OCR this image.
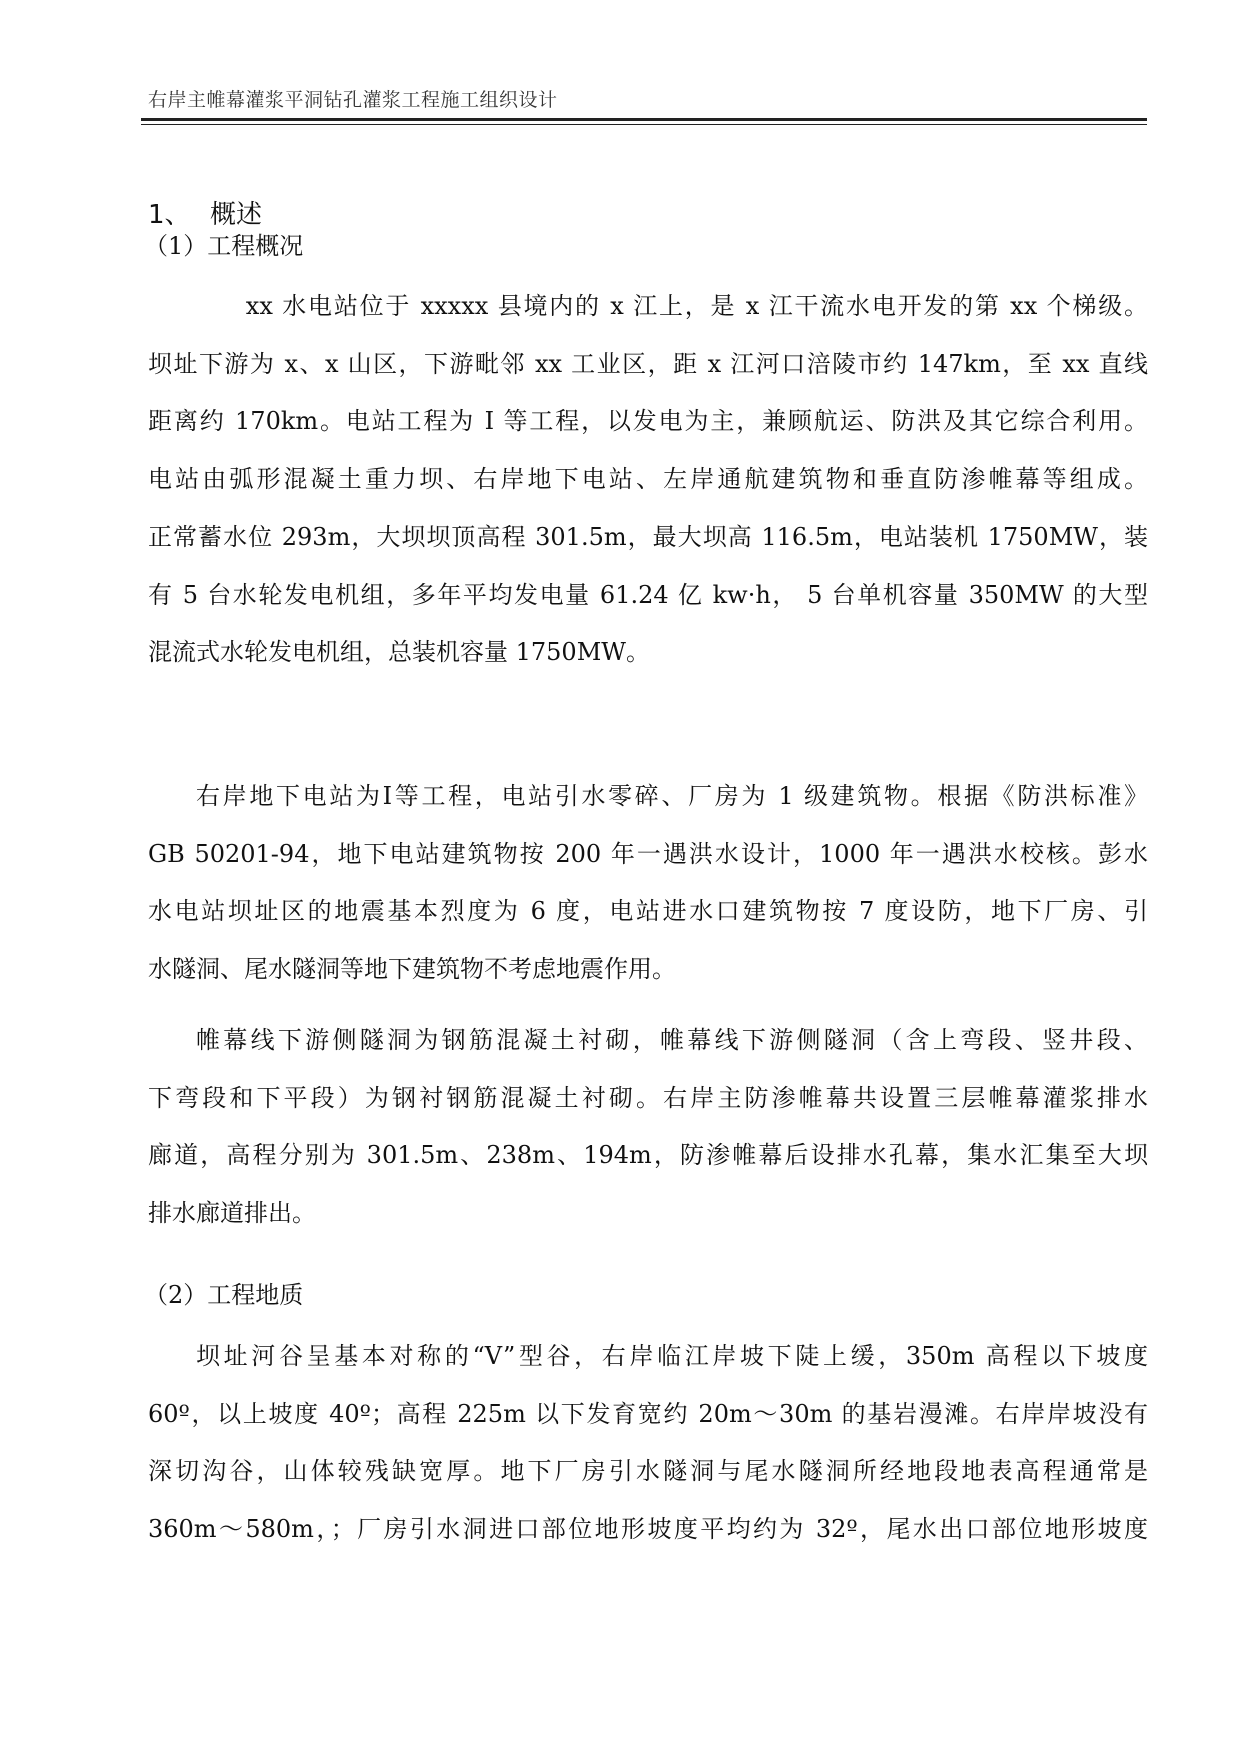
右岸主帷幕灌浆平洞钻孔灌浆工程施工组织设计
1、 概述
（1）工程概况

　xx 水电站位于 xxxxx 县境内的 x 江上，是 x 江干流水电开发的第 xx 个梯级。
坝址下游为 x、x 山区，下游毗邻 xx 工业区，距 x 江河口涪陵市约 147km，至 xx 直线
距离约 170km。电站工程为 I 等工程，以发电为主，兼顾航运、防洪及其它综合利用。
电站由弧形混凝土重力坝、右岸地下电站、左岸通航建筑物和垂直防渗帷幕等组成。
正常蓄水位 293m，大坝坝顶高程 301.5m，最大坝高 116.5m，电站装机 1750MW，装
有 5 台水轮发电机组，多年平均发电量 61.24 亿 kw·h， 5 台单机容量 350MW 的大型
混流式水轮发电机组，总装机容量 1750MW。

右岸地下电站为Ⅰ等工程，电站引水零碎、厂房为 1 级建筑物。根据《防洪标准》
GB 50201-94，地下电站建筑物按 200 年一遇洪水设计，1000 年一遇洪水校核。彭水
水电站坝址区的地震基本烈度为 6 度，电站进水口建筑物按 7 度设防，地下厂房、引
水隧洞、尾水隧洞等地下建筑物不考虑地震作用。

帷幕线下游侧隧洞为钢筋混凝土衬砌，帷幕线下游侧隧洞（含上弯段、竖井段、
下弯段和下平段）为钢衬钢筋混凝土衬砌。右岸主防渗帷幕共设置三层帷幕灌浆排水
廊道，高程分别为 301.5m、238m、194m，防渗帷幕后设排水孔幕，集水汇集至大坝
排水廊道排出。

（2）工程地质

坝址河谷呈基本对称的“V”型谷，右岸临江岸坡下陡上缓，350m 高程以下坡度
60º，以上坡度 40º；高程 225m 以下发育宽约 20m～30m 的基岩漫滩。右岸岸坡没有
深切沟谷，山体较残缺宽厚。地下厂房引水隧洞与尾水隧洞所经地段地表高程通常是
360m～580m，；厂房引水洞进口部位地形坡度平均约为 32º，尾水出口部位地形坡度
